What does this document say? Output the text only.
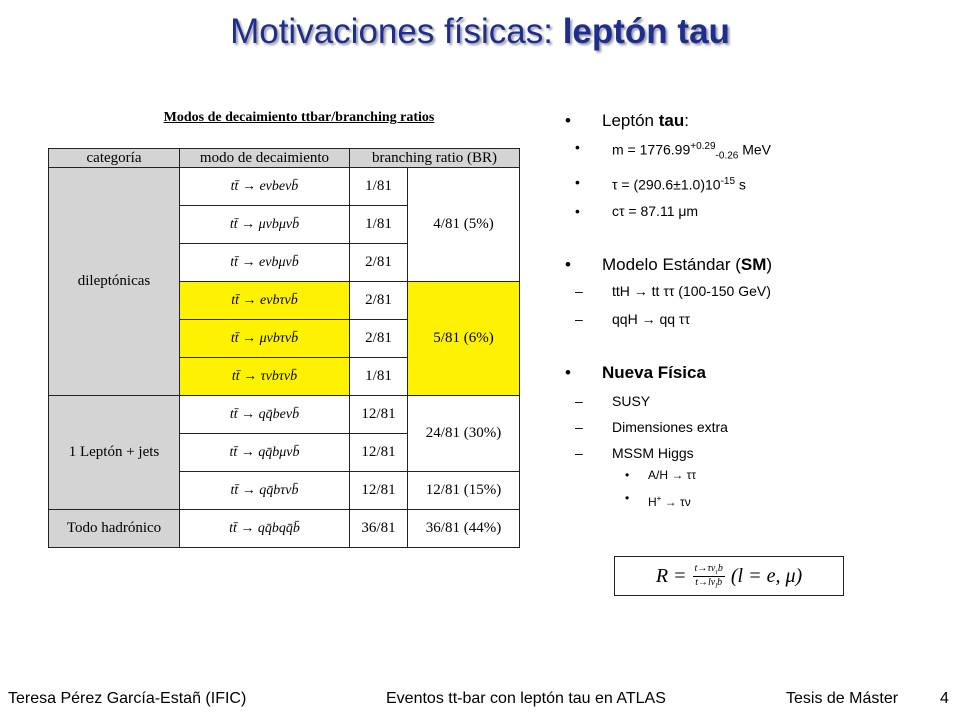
Motivaciones físicas: leptón tau
Modos de decaimiento ttbar/branching ratios
categoría	modo de decaimiento	branching ratio (BR)	
dileptónicas	tt̄ → eνbeνb̄	1/81	4/81 (5%)
	tt̄ → μνbμνb̄	1/81	
	tt̄ → eνbμνb̄	2/81	
	tt̄ → eνbτνb̄	2/81	5/81 (6%)
	tt̄ → μνbτνb̄	2/81	
	tt̄ → τνbτνb̄	1/81	
1 Leptón + jets	tt̄ → qq̄beνb̄	12/81	24/81 (30%)
	tt̄ → qq̄bμνb̄	12/81	
	tt̄ → qq̄bτνb̄	12/81	12/81 (15%)
Todo hadrónico	tt̄ → qq̄bqq̄b̄	36/81	36/81 (44%)
• Leptón tau:
• $m = 1776.99^{+0.29}_{-0.26}$ MeV
• $\tau = (290.6\pm 1.0)10^{-15}$ s
• cτ = 87.11 μm
• Modelo Estándar (SM)
– ttH → tt ττ (100-150 GeV)
– qqH → qq ττ
• Nueva Física
– SUSY
– Dimensiones extra
– MSSM Higgs
• A/H → ττ
• H+ → τν
$R = \frac{t\to\tau\nu_\tau b}{t\to l\nu_lb} (l = e$, μ)
Teresa Pérez García-Estañ (IFIC)	Eventos tt-bar con leptón tau en ATLAS	Tesis de Máster	4
